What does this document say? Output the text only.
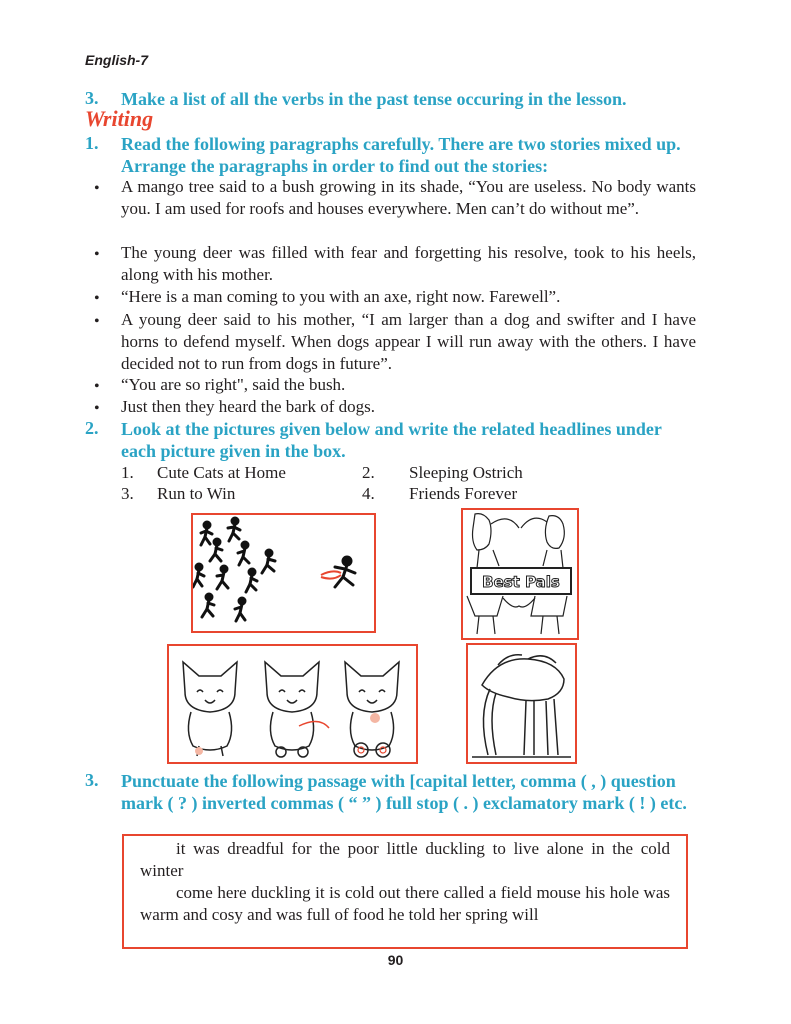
English-7
3. Make a list of all the verbs in the past tense occuring in the lesson.
Writing
1. Read the following paragraphs carefully. There are two stories mixed up. Arrange the paragraphs in order to find out the stories:
• A mango tree said to a bush growing in its shade, “You are useless. No body wants you. I am used for roofs and houses everywhere. Men can’t do without me”.
• The young deer was filled with fear and forgetting his resolve, took to his heels, along with his mother.
• “Here is a man coming to you with an axe, right now. Farewell”.
• A young deer said to his mother, “I am larger than a dog and swifter and I have horns to defend myself. When dogs appear I will run away with the others. I have decided not to run from dogs in future”.
• “You are so right", said the bush.
• Just then they heard the bark of dogs.
2. Look at the pictures given below and write the related headlines under each picture given in the box.
1. Cute Cats at Home	2. Sleeping Ostrich
3. Run to Win	4. Friends Forever
Best Pals
3. Punctuate the following passage with [capital letter, comma ( , ) question mark ( ? ) inverted commas ( “ ” ) full stop ( . ) exclamatory mark ( ! ) etc.

it was dreadful for the poor little duckling to live alone in the cold winter

come here duckling it is cold out there called a field mouse his hole was warm and cosy and was full of food he told her spring will

90
